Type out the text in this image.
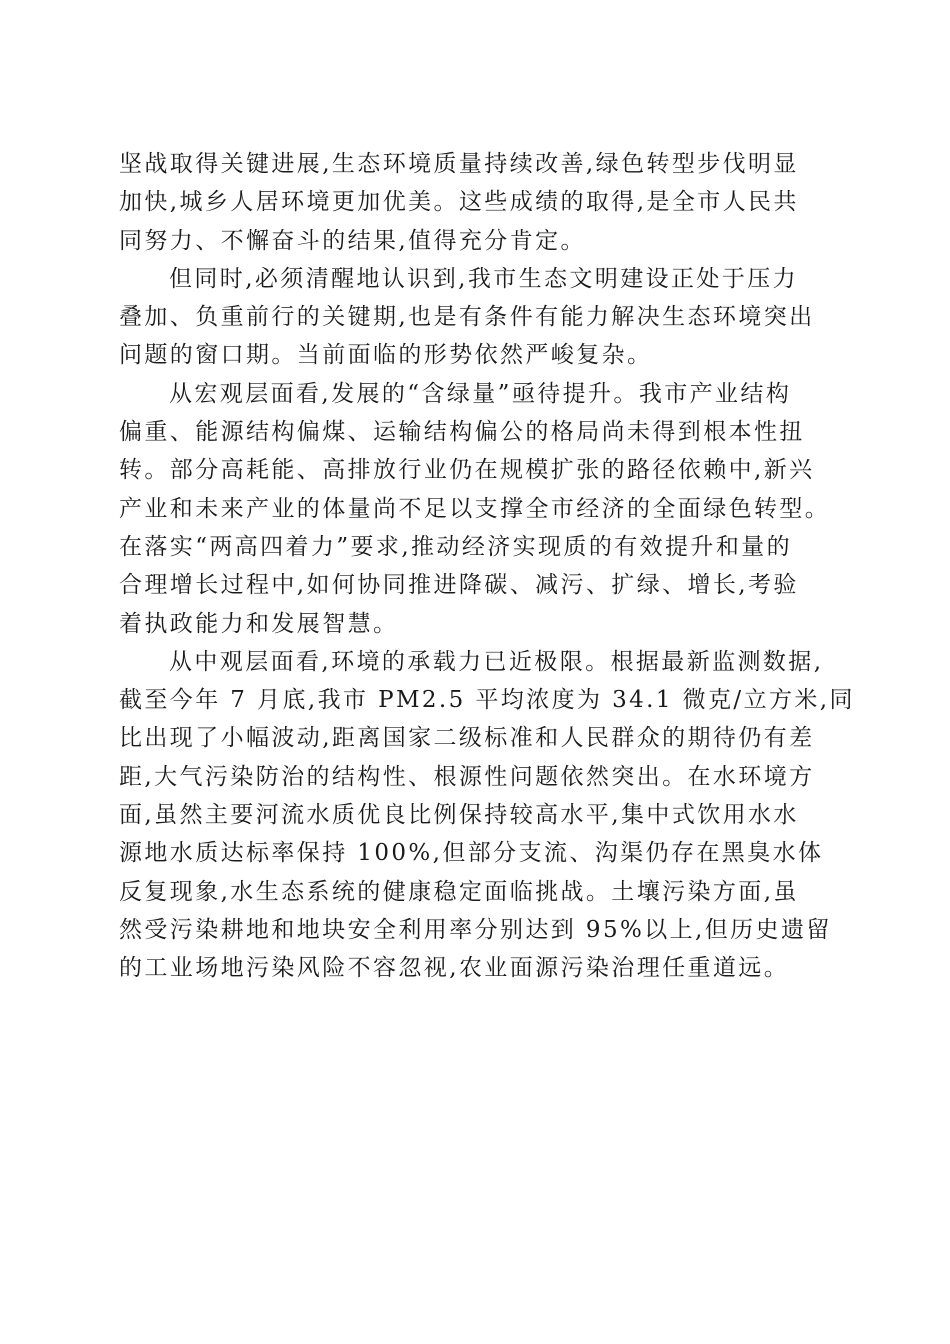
坚战取得关键进展,生态环境质量持续改善,绿色转型步伐明显
加快,城乡人居环境更加优美。这些成绩的取得,是全市人民共
同努力、不懈奋斗的结果,值得充分肯定。
但同时,必须清醒地认识到,我市生态文明建设正处于压力
叠加、负重前行的关键期,也是有条件有能力解决生态环境突出
问题的窗口期。当前面临的形势依然严峻复杂。
从宏观层面看,发展的“含绿量”亟待提升。我市产业结构
偏重、能源结构偏煤、运输结构偏公的格局尚未得到根本性扭
转。部分高耗能、高排放行业仍在规模扩张的路径依赖中,新兴
产业和未来产业的体量尚不足以支撑全市经济的全面绿色转型。
在落实“两高四着力”要求,推动经济实现质的有效提升和量的
合理增长过程中,如何协同推进降碳、减污、扩绿、增长,考验
着执政能力和发展智慧。
从中观层面看,环境的承载力已近极限。根据最新监测数据,
截至今年 7 月底,我市 PM2.5 平均浓度为 34.1 微克/立方米,同
比出现了小幅波动,距离国家二级标准和人民群众的期待仍有差
距,大气污染防治的结构性、根源性问题依然突出。在水环境方
面,虽然主要河流水质优良比例保持较高水平,集中式饮用水水
源地水质达标率保持 100%,但部分支流、沟渠仍存在黑臭水体
反复现象,水生态系统的健康稳定面临挑战。土壤污染方面,虽
然受污染耕地和地块安全利用率分别达到 95%以上,但历史遗留
的工业场地污染风险不容忽视,农业面源污染治理任重道远。
